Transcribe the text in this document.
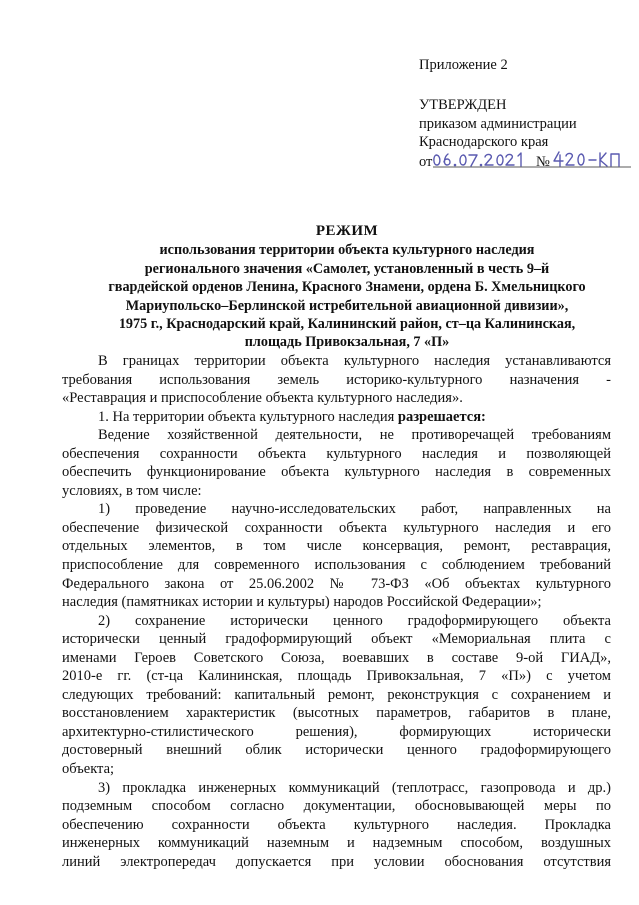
Приложение 2
УТВЕРЖДЕН
приказом администрации
Краснодарского края
от	№
РЕЖИМ
использования территории объекта культурного наследия
регионального значения «Самолет, установленный в честь 9–й
гвардейской орденов Ленина, Красного Знамени, ордена Б. Хмельницкого
Мариупольско–Берлинской истребительной авиационной дивизии»,
1975 г., Краснодарский край, Калининский район, ст–ца Калининская,
площадь Привокзальная, 7 «П»
В границах территории объекта культурного наследия устанавливаются
требования использования земель историко-культурного назначения -
«Реставрация и приспособление объекта культурного наследия».
1. На территории объекта культурного наследия разрешается:
Ведение хозяйственной деятельности, не противоречащей требованиям
обеспечения сохранности объекта культурного наследия и позволяющей
обеспечить функционирование объекта культурного наследия в современных
условиях, в том числе:
1) проведение научно-исследовательских работ, направленных на
обеспечение физической сохранности объекта культурного наследия и его
отдельных элементов, в том числе консервация, ремонт, реставрация,
приспособление для современного использования с соблюдением требований
Федерального закона от 25.06.2002 № 73-ФЗ «Об объектах культурного
наследия (памятниках истории и культуры) народов Российской Федерации»;
2) сохранение исторически ценного градоформирующего объекта
исторически ценный градоформирующий объект «Мемориальная плита с
именами Героев Советского Союза, воевавших в составе 9-ой ГИАД»,
2010-е гг. (ст-ца Калининская, площадь Привокзальная, 7 «П») с учетом
следующих требований: капитальный ремонт, реконструкция с сохранением и
восстановлением характеристик (высотных параметров, габаритов в плане,
архитектурно-стилистического решения), формирующих исторически
достоверный внешний облик исторически ценного градоформирующего
объекта;
3) прокладка инженерных коммуникаций (теплотрасс, газопровода и др.)
подземным способом согласно документации, обосновывающей меры по
обеспечению сохранности объекта культурного наследия. Прокладка
инженерных коммуникаций наземным и надземным способом, воздушных
линий электропередач допускается при условии обоснования отсутствия
